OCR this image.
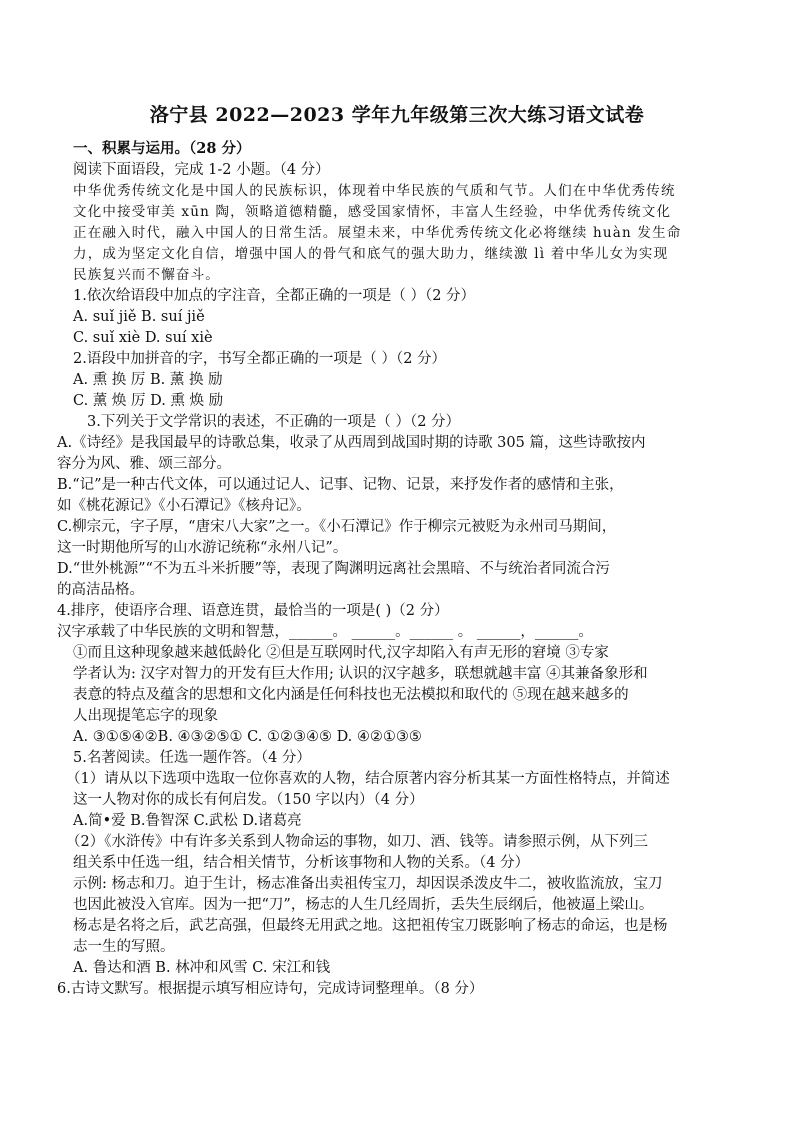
洛宁县 2022—2023 学年九年级第三次大练习语文试卷
一、积累与运用。（28 分）
阅读下面语段，完成 1-2 小题。（4 分）
中华优秀传统文化是中国人的民族标识，体现着中华民族的气质和气节。人们在中华优秀传统
文化中接受审美 xūn 陶，领略道德精髓，感受国家情怀，丰富人生经验，中华优秀传统文化
正在融入时代，融入中国人的日常生活。展望未来，中华优秀传统文化必将继续 huàn 发生命
力，成为坚定文化自信，增强中国人的骨气和底气的强大助力，继续激 lì 着中华儿女为实现
民族复兴而不懈奋斗。
1.依次给语段中加点的字注音，全都正确的一项是（ ）（2 分）
A. suǐ jiě B. suí jiě
C. suǐ xiè D. suí xiè
2.语段中加拼音的字，书写全都正确的一项是（ ）（2 分）
A. 熏 换 厉 B. 薰 换 励
C. 薰 焕 厉 D. 熏 焕 励
3.下列关于文学常识的表述，不正确的一项是（ ）（2 分）
A.《诗经》是我国最早的诗歌总集，收录了从西周到战国时期的诗歌 305 篇，这些诗歌按内
容分为风、雅、颂三部分。
B.“记”是一种古代文体，可以通过记人、记事、记物、记景，来抒发作者的感情和主张，
如《桃花源记》《小石潭记》《核舟记》。
C.柳宗元，字子厚，“唐宋八大家”之一。《小石潭记》作于柳宗元被贬为永州司马期间，
这一时期他所写的山水游记统称“永州八记”。
D.“世外桃源”“不为五斗米折腰”等，表现了陶渊明远离社会黑暗、不与统治者同流合污
的高洁品格。
4.排序，使语序合理、语意连贯，最恰当的一项是( )（2 分）
汉字承载了中华民族的文明和智慧，______。 ______。______ 。 ______，______。
①而且这种现象越来越低龄化 ②但是互联网时代,汉字却陷入有声无形的窘境 ③专家
学者认为: 汉字对智力的开发有巨大作用; 认识的汉字越多，联想就越丰富 ④其兼备象形和
表意的特点及蕴含的思想和文化内涵是任何科技也无法模拟和取代的 ⑤现在越来越多的
人出现提笔忘字的现象
A. ③①⑤④②B. ④③②⑤① C. ①②③④⑤ D. ④②①③⑤
5.名著阅读。任选一题作答。（4 分）
（1）请从以下选项中选取一位你喜欢的人物，结合原著内容分析其某一方面性格特点，并简述
这一人物对你的成长有何启发。（150 字以内）（4 分）
A.简•爱 B.鲁智深 C.武松 D.诸葛亮
（2）《水浒传》中有许多关系到人物命运的事物，如刀、酒、钱等。请参照示例，从下列三
组关系中任选一组，结合相关情节，分析该事物和人物的关系。（4 分）
示例: 杨志和刀。迫于生计，杨志准备出卖祖传宝刀，却因误杀泼皮牛二，被收监流放，宝刀
也因此被没入官库。因为一把“刀”，杨志的人生几经周折，丢失生辰纲后，他被逼上梁山。
杨志是名将之后，武艺高强，但最终无用武之地。这把祖传宝刀既影响了杨志的命运，也是杨
志一生的写照。
A. 鲁达和酒 B. 林冲和风雪 C. 宋江和钱
6.古诗文默写。根据提示填写相应诗句，完成诗词整理单。（8 分）
